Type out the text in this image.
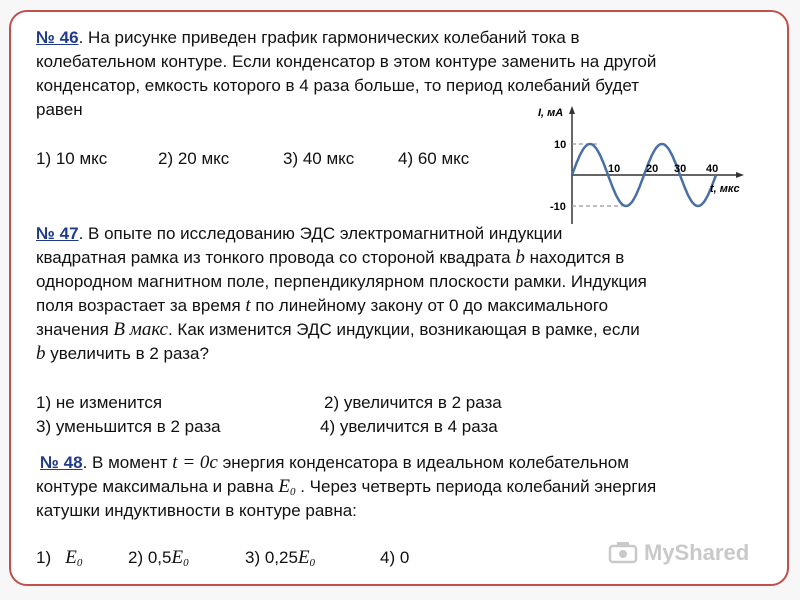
№ 46. На рисунке приведен график гармонических колебаний тока в
колебательном контуре. Если конденсатор в этом контуре заменить на другой
конденсатор, емкость которого в 4 раза больше, то период колебаний будет
равен
1) 10 мкс	2) 20 мкс	3) 40 мкс	4) 60 мкс
I, мА
t, мкс
10
-10
10 20 30 40
№ 47. В опыте по исследованию ЭДС электромагнитной индукции
квадратная рамка из тонкого провода со стороной квадрата b находится в
однородном магнитном поле, перпендикулярном плоскости рамки. Индукция
поля возрастает за время t по линейному закону от 0 до максимального
значения B макс. Как изменится ЭДС индукции, возникающая в рамке, если
b увеличить в 2 раза?
1) не изменится	2) увеличится в 2 раза
3) уменьшится в 2 раза	4) увеличится в 4 раза
№ 48. В момент t = 0c энергия конденсатора в идеальном колебательном
контуре максимальна и равна $E_0$ . Через четверть периода колебаний энергия
катушки индуктивности в контуре равна:
1) $E_0$	2) $0,5E_0$	3) $0,25E_0$	4) 0	MyShared
